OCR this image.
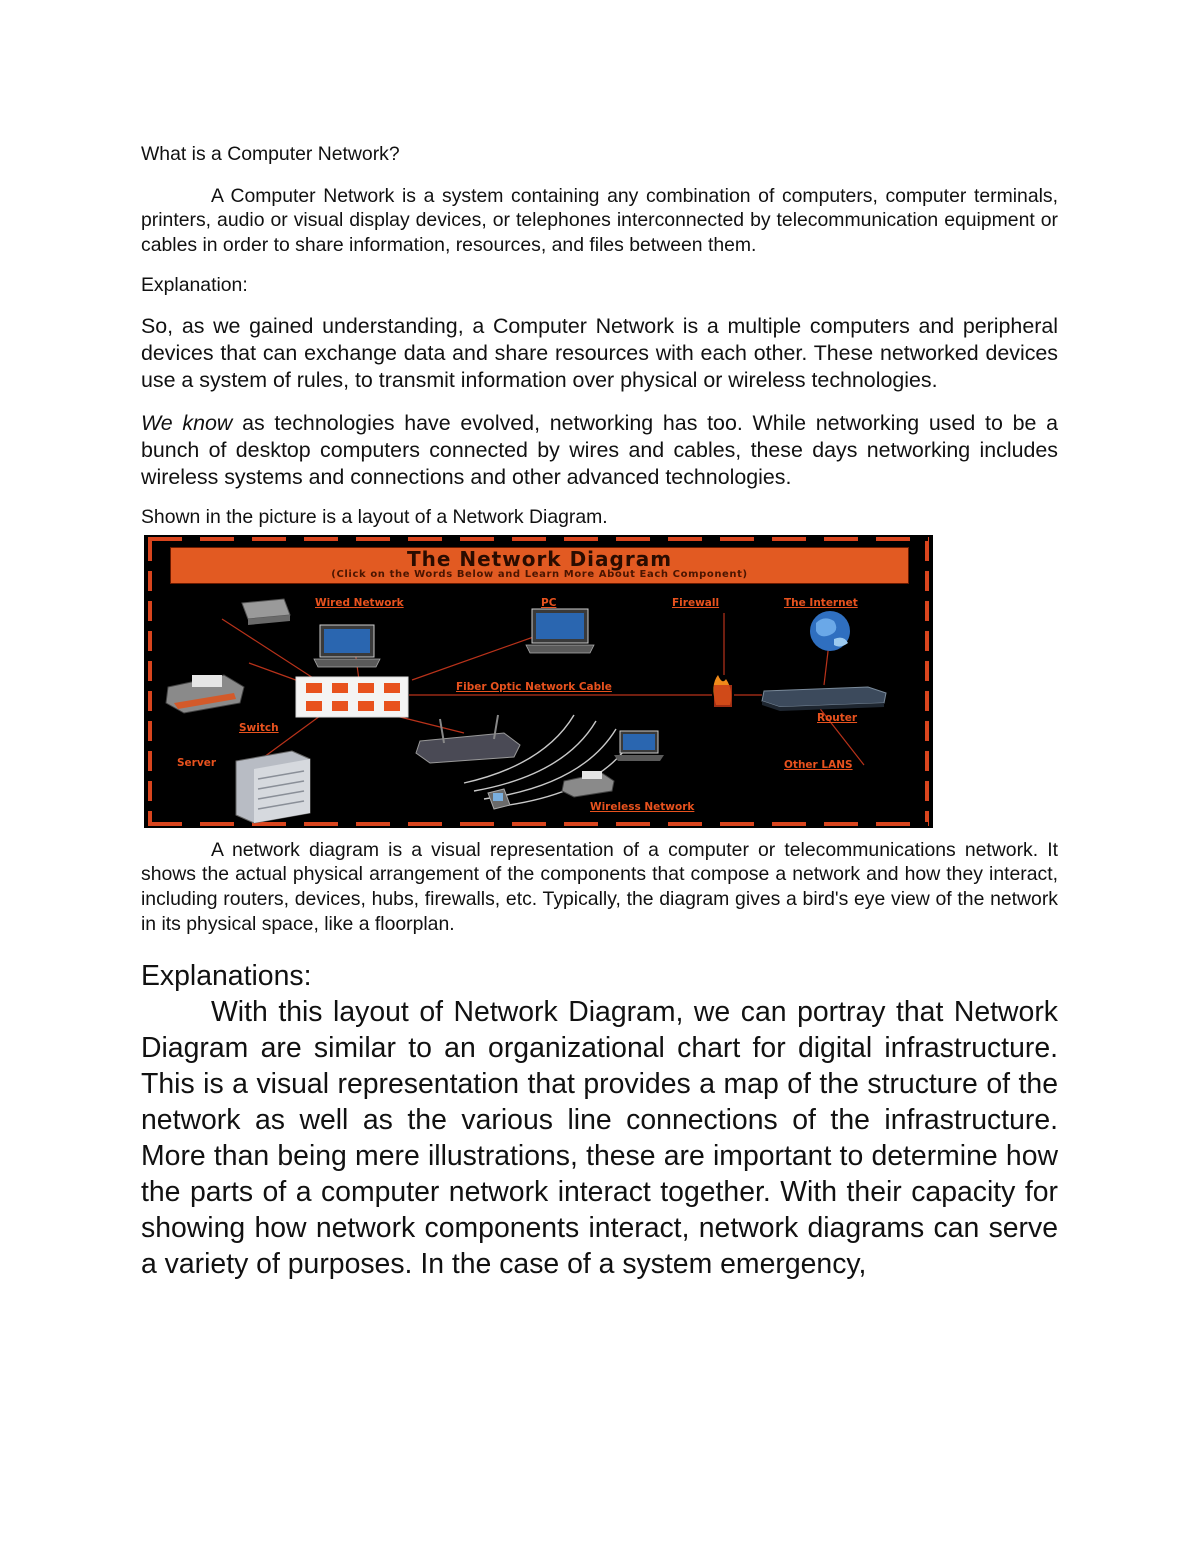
What is a Computer Network?

A Computer Network is a system containing any combination of computers, computer terminals, printers, audio or visual display devices, or telephones interconnected by telecommunication equipment or cables in order to share information, resources, and files between them.

Explanation:

So, as we gained understanding, a Computer Network is a multiple computers and peripheral devices that can exchange data and share resources with each other. These networked devices use a system of rules, to transmit information over physical or wireless technologies.

We know as technologies have evolved, networking has too. While networking used to be a bunch of desktop computers connected by wires and cables, these days networking includes wireless systems and connections and other advanced technologies.

Shown in the picture is a layout of a Network Diagram.

The Network Diagram
(Click on the Words Below and Learn More About Each Component)
Wired Network	PC	Firewall	The Internet
Fiber Optic Network Cable
Switch
Router
Server	Other LANS
Wireless Network

A network diagram is a visual representation of a computer or telecommunications network. It shows the actual physical arrangement of the components that compose a network and how they interact, including routers, devices, hubs, firewalls, etc. Typically, the diagram gives a bird's eye view of the network in its physical space, like a floorplan.

Explanations:

With this layout of Network Diagram, we can portray that Network Diagram are similar to an organizational chart for digital infrastructure. This is a visual representation that provides a map of the structure of the network as well as the various line connections of the infrastructure. More than being mere illustrations, these are important to determine how the parts of a computer network interact together. With their capacity for showing how network components interact, network diagrams can serve a variety of purposes. In the case of a system emergency,
